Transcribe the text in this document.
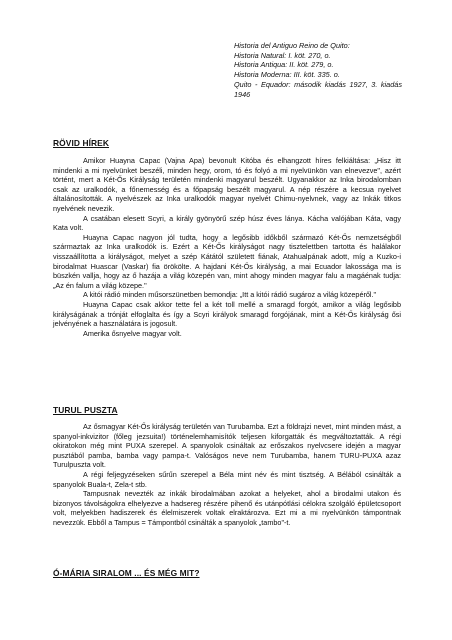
Historia del Antiguo Reino de Quito:
Historia Natural: I. köt. 270, o.
Historia Antiqua: II. köt. 279, o.
Historia Moderna: III. köt. 335. o.
Quito - Equador: második kiadás 1927, 3. kiadás 1946
RÖVID HÍREK

Amikor Huayna Capac (Vajna Apa) bevonult Kitóba és elhangzott híres felkiáltása: „Hisz itt mindenki a mi nyelvünket beszéli, minden hegy, orom, tó és folyó a mi nyelvünkön van elnevezve", azért történt, mert a Két-Ős Királyság területén mindenki magyarul beszélt. Ugyanakkor az Inka birodalomban csak az uralkodók, a főnemesség és a főpapság beszélt magyarul. A nép részére a kecsua nyelvet általánosították. A nyelvészek az Inka uralkodók magyar nyelvét Chimu-nyelvnek, vagy az Inkák titkos nyelvének nevezik.

A csatában elesett Scyri, a király gyönyörű szép húsz éves lánya. Kácha valójában Káta, vagy Kata volt.

Huayna Capac nagyon jól tudta, hogy a legősibb időkből származó Két-Ős nemzetségből származtak az Inka uralkodók is. Ezért a Két-Ős királyságot nagy tisztelettben tartotta és halálakor visszaállította a királyságot, melyet a szép Kátától született fiának, Atahualpának adott, míg a Kuzko-i birodalmat Huascar (Vaskar) fia örökölte. A hajdani Két-Ős királyság, a mai Ecuador lakossága ma is büszkén vallja, hogy az ő hazája a világ közepén van, mint ahogy minden magyar falu a magáénak tudja: „Az én falum a világ közepe."

A kitói rádió minden műsorszünetben bemondja: „Itt a kitói rádió sugároz a világ közepéről."

Huayna Capac csak akkor tette fel a két toll mellé a smaragd forgót, amikor a világ legősibb királyságának a trónját elfoglalta és így a Scyri királyok smaragd forgójának, mint a Két-Ős királyság ősi jelvényének a használatára is jogosult.

Amerika ősnyelve magyar volt.

TURUL PUSZTA

Az ősmagyar Két-Ős királyság területén van Turubamba. Ezt a földrajzi nevet, mint minden mást, a spanyol-inkvizitor (főleg jezsuita!) történelemhamisítók teljesen kiforgatták és megváltoztatták. A régi okiratokon még mint PUXA szerepel. A spanyolok csináltak az erőszakos nyelvcsere idején a magyar pusztából pamba, bamba vagy pampa-t. Valóságos neve nem Turubamba, hanem TURU-PUXA azaz Turulpuszta volt.

A régi feljegyzéseken sűrűn szerepel a Béla mint név és mint tisztség. A Bélából csinálták a spanyolok Buala-t, Zela-t stb.

Tampusnak nevezték az inkák birodalmában azokat a helyeket, ahol a birodalmi utakon és bizonyos távolságokra elhelyezve a hadsereg részére pihenő és utánpótlási célokra szolgáló épületcsoport volt, melyekben hadiszerek és élelmiszerek voltak elraktározva. Ezt mi a mi nyelvünkön támpontnak nevezzük. Ebből a Tampus = Támpontból csinálták a spanyolok „tambo"-t.

Ó-MÁRIA SIRALOM ... ÉS MÉG MIT?
